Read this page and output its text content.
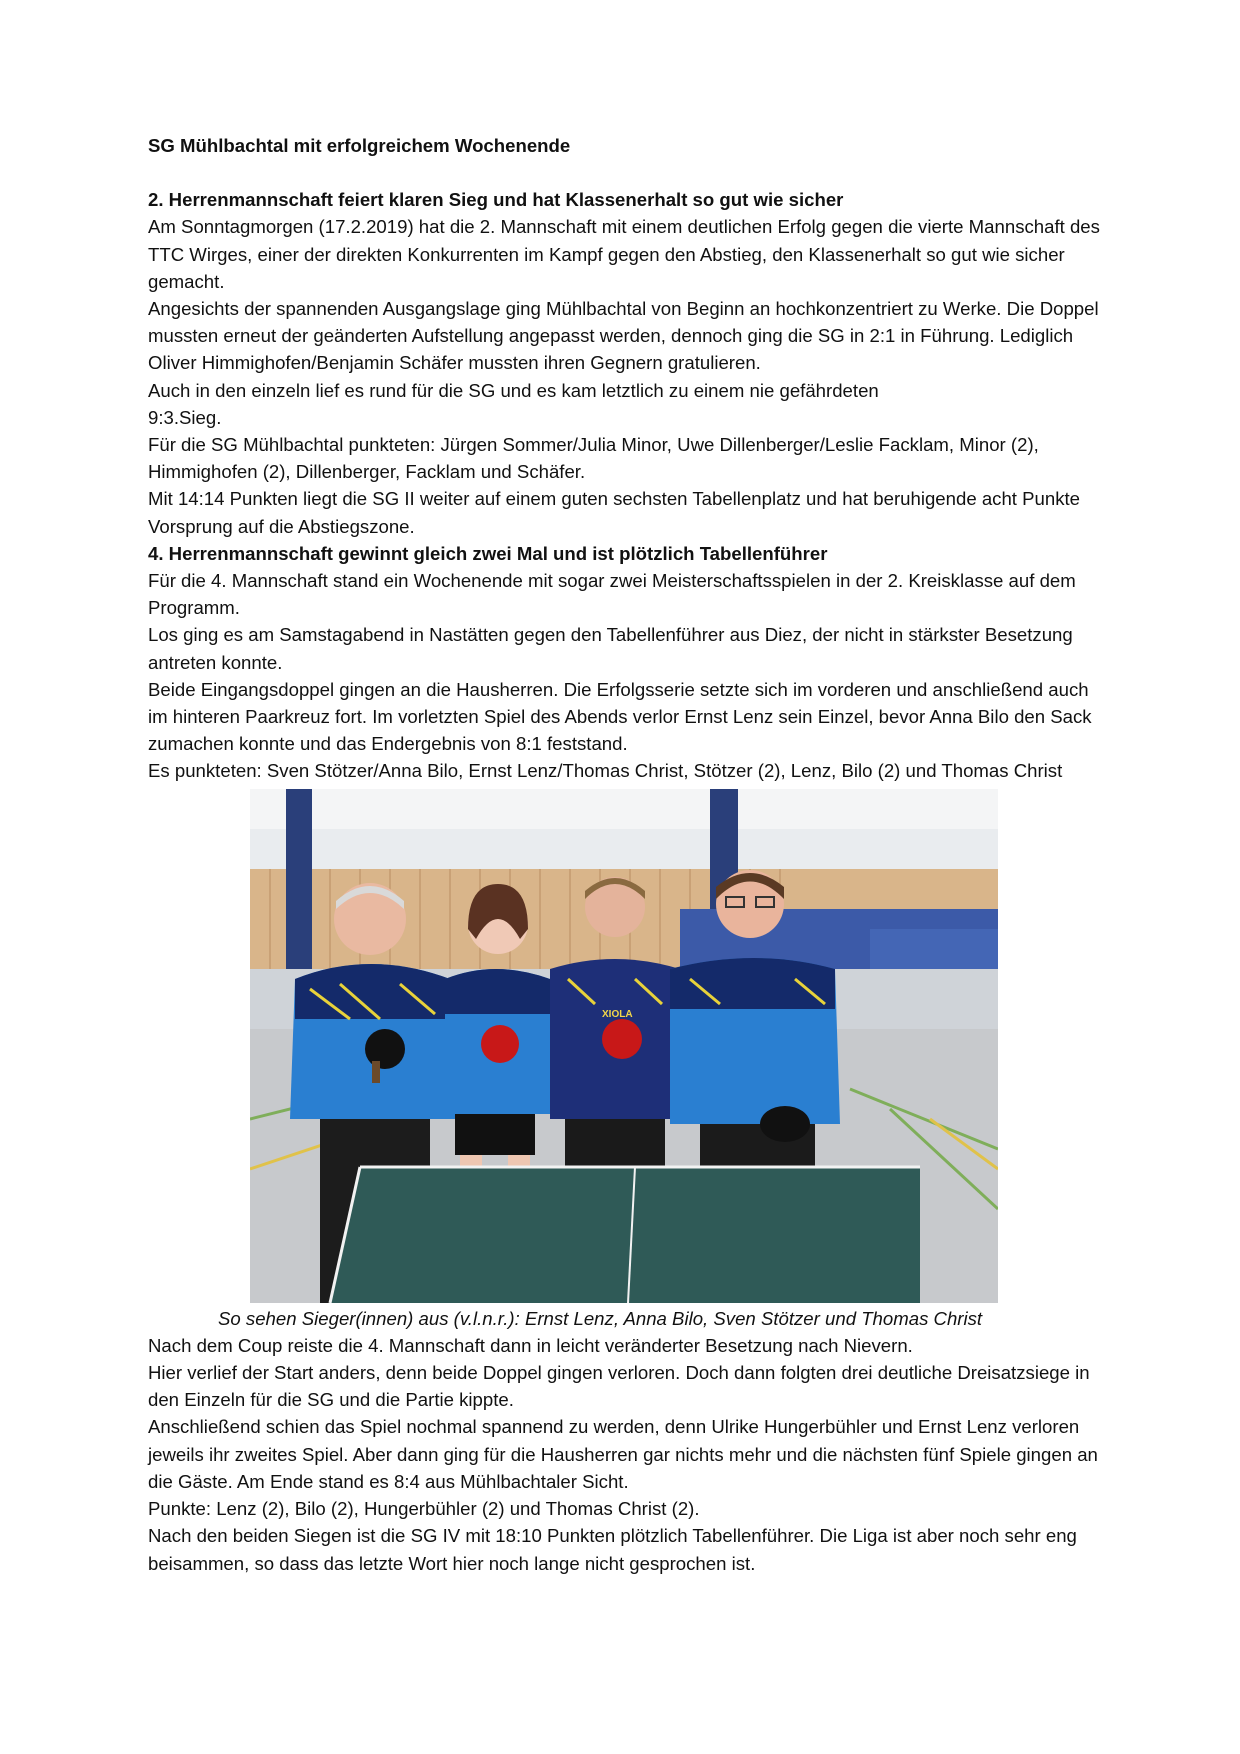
SG Mühlbachtal mit erfolgreichem Wochenende

2. Herrenmannschaft feiert klaren Sieg und hat Klassenerhalt so gut wie sicher

Am Sonntagmorgen (17.2.2019) hat die 2. Mannschaft mit einem deutlichen Erfolg gegen die vierte Mannschaft des TTC Wirges, einer der direkten Konkurrenten im Kampf gegen den Abstieg, den Klassenerhalt so gut wie sicher gemacht.

Angesichts der spannenden Ausgangslage ging Mühlbachtal von Beginn an hochkonzentriert zu Werke. Die Doppel mussten erneut der geänderten Aufstellung angepasst werden, dennoch ging die SG in 2:1 in Führung. Lediglich Oliver Himmighofen/Benjamin Schäfer mussten ihren Gegnern gratulieren.

Auch in den einzeln lief es rund für die SG und es kam letztlich zu einem nie gefährdeten

9:3.Sieg.

Für die SG Mühlbachtal punkteten: Jürgen Sommer/Julia Minor, Uwe Dillenberger/Leslie Facklam, Minor (2), Himmighofen (2), Dillenberger, Facklam und Schäfer.

Mit 14:14 Punkten liegt die SG II weiter auf einem guten sechsten Tabellenplatz und hat beruhigende acht Punkte Vorsprung auf die Abstiegszone.

4. Herrenmannschaft gewinnt gleich zwei Mal und ist plötzlich Tabellenführer

Für die 4. Mannschaft stand ein Wochenende mit sogar zwei Meisterschaftsspielen in der 2. Kreisklasse auf dem Programm.

Los ging es am Samstagabend in Nastätten gegen den Tabellenführer aus Diez, der nicht in stärkster Besetzung antreten konnte.

Beide Eingangsdoppel gingen an die Hausherren. Die Erfolgsserie setzte sich im vorderen und anschließend auch im hinteren Paarkreuz fort. Im vorletzten Spiel des Abends verlor Ernst Lenz sein Einzel, bevor Anna Bilo den Sack zumachen konnte und das Endergebnis von 8:1 feststand.

Es punkteten: Sven Stötzer/Anna Bilo, Ernst Lenz/Thomas Christ, Stötzer (2), Lenz, Bilo (2) und Thomas Christ

XIOLA

So sehen Sieger(innen) aus (v.l.n.r.): Ernst Lenz, Anna Bilo, Sven Stötzer und Thomas Christ

Nach dem Coup reiste die 4. Mannschaft dann in leicht veränderter Besetzung nach Nievern.

Hier verlief der Start anders, denn beide Doppel gingen verloren. Doch dann folgten drei deutliche Dreisatzsiege in den Einzeln für die SG und die Partie kippte.

Anschließend schien das Spiel nochmal spannend zu werden, denn Ulrike Hungerbühler und Ernst Lenz verloren jeweils ihr zweites Spiel. Aber dann ging für die Hausherren gar nichts mehr und die nächsten fünf Spiele gingen an die Gäste. Am Ende stand es 8:4 aus Mühlbachtaler Sicht.

Punkte: Lenz (2), Bilo (2), Hungerbühler (2) und Thomas Christ (2).

Nach den beiden Siegen ist die SG IV mit 18:10 Punkten plötzlich Tabellenführer. Die Liga ist aber noch sehr eng beisammen, so dass das letzte Wort hier noch lange nicht gesprochen ist.
